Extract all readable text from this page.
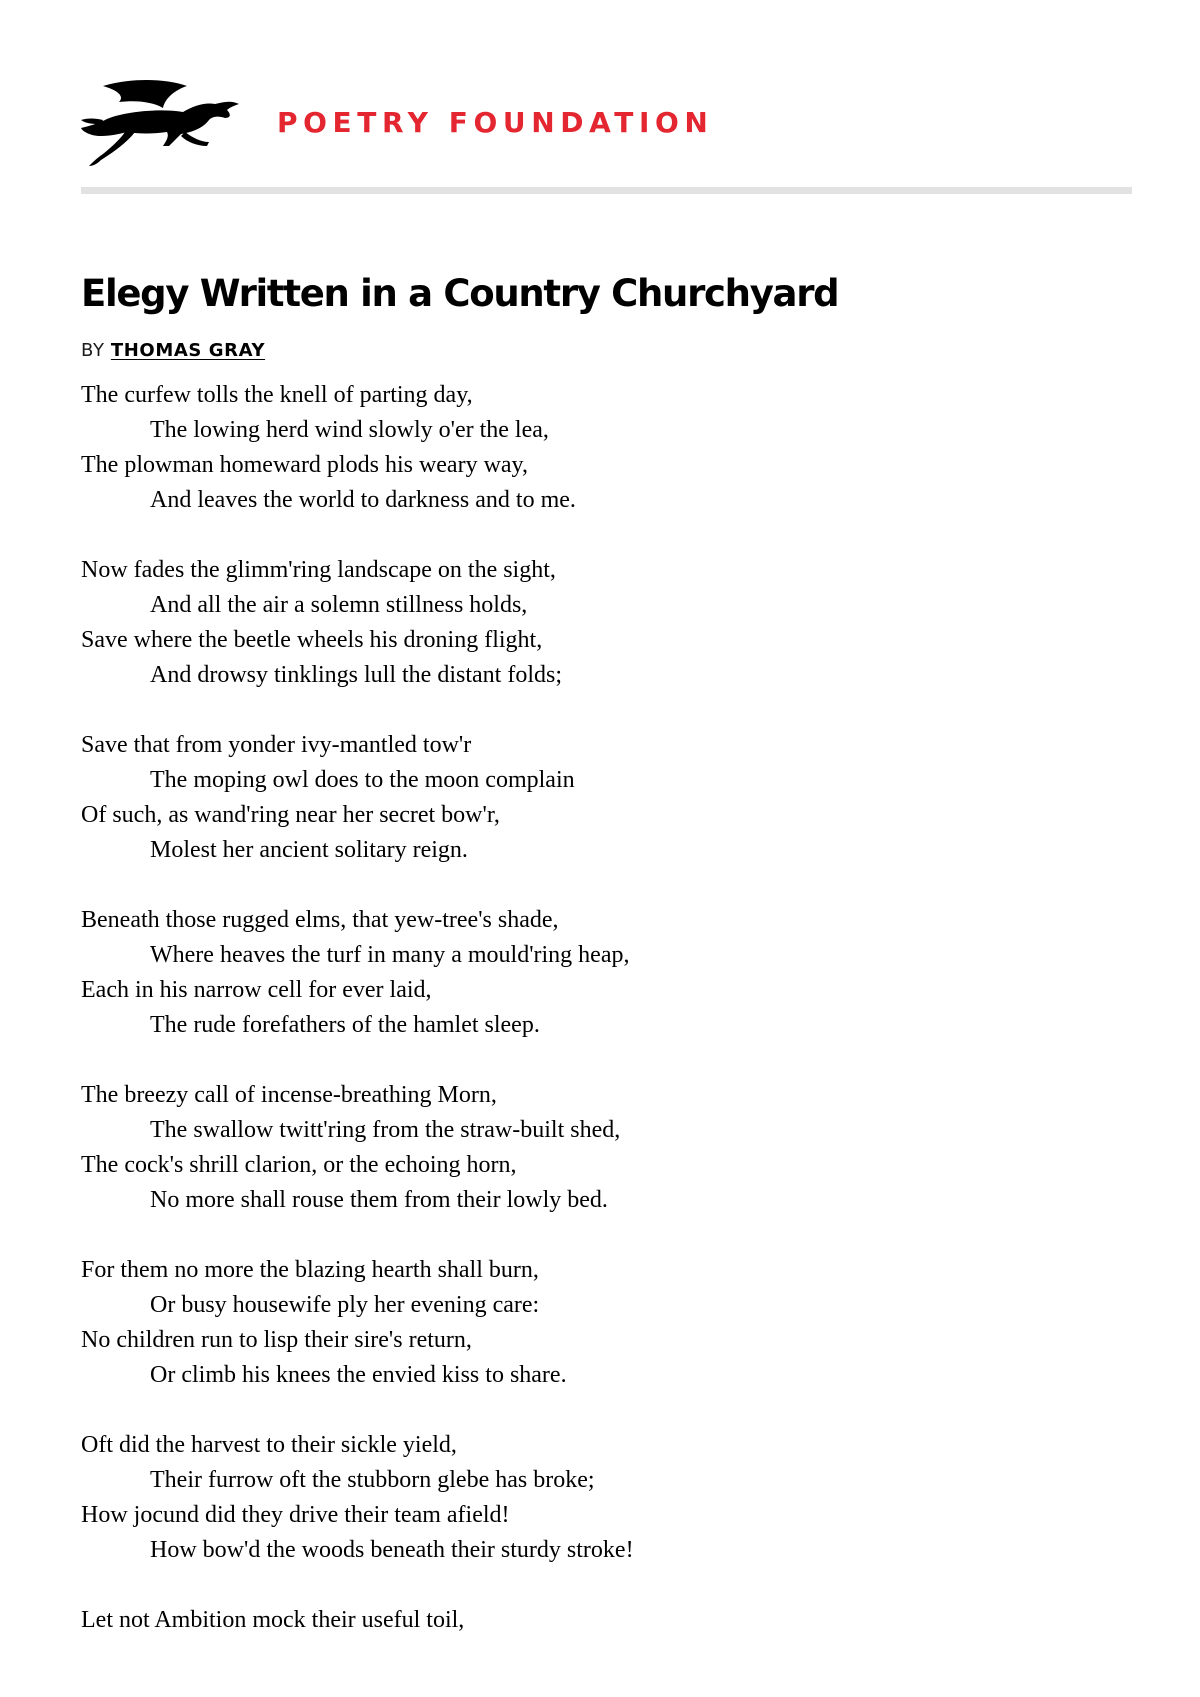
POETRY FOUNDATION
Elegy Written in a Country Churchyard
BY THOMAS GRAY
The curfew tolls the knell of parting day,
The lowing herd wind slowly o'er the lea,
The plowman homeward plods his weary way,
And leaves the world to darkness and to me.
Now fades the glimm'ring landscape on the sight,
And all the air a solemn stillness holds,
Save where the beetle wheels his droning flight,
And drowsy tinklings lull the distant folds;
Save that from yonder ivy-mantled tow'r
The moping owl does to the moon complain
Of such, as wand'ring near her secret bow'r,
Molest her ancient solitary reign.
Beneath those rugged elms, that yew-tree's shade,
Where heaves the turf in many a mould'ring heap,
Each in his narrow cell for ever laid,
The rude forefathers of the hamlet sleep.
The breezy call of incense-breathing Morn,
The swallow twitt'ring from the straw-built shed,
The cock's shrill clarion, or the echoing horn,
No more shall rouse them from their lowly bed.
For them no more the blazing hearth shall burn,
Or busy housewife ply her evening care:
No children run to lisp their sire's return,
Or climb his knees the envied kiss to share.
Oft did the harvest to their sickle yield,
Their furrow oft the stubborn glebe has broke;
How jocund did they drive their team afield!
How bow'd the woods beneath their sturdy stroke!
Let not Ambition mock their useful toil,
